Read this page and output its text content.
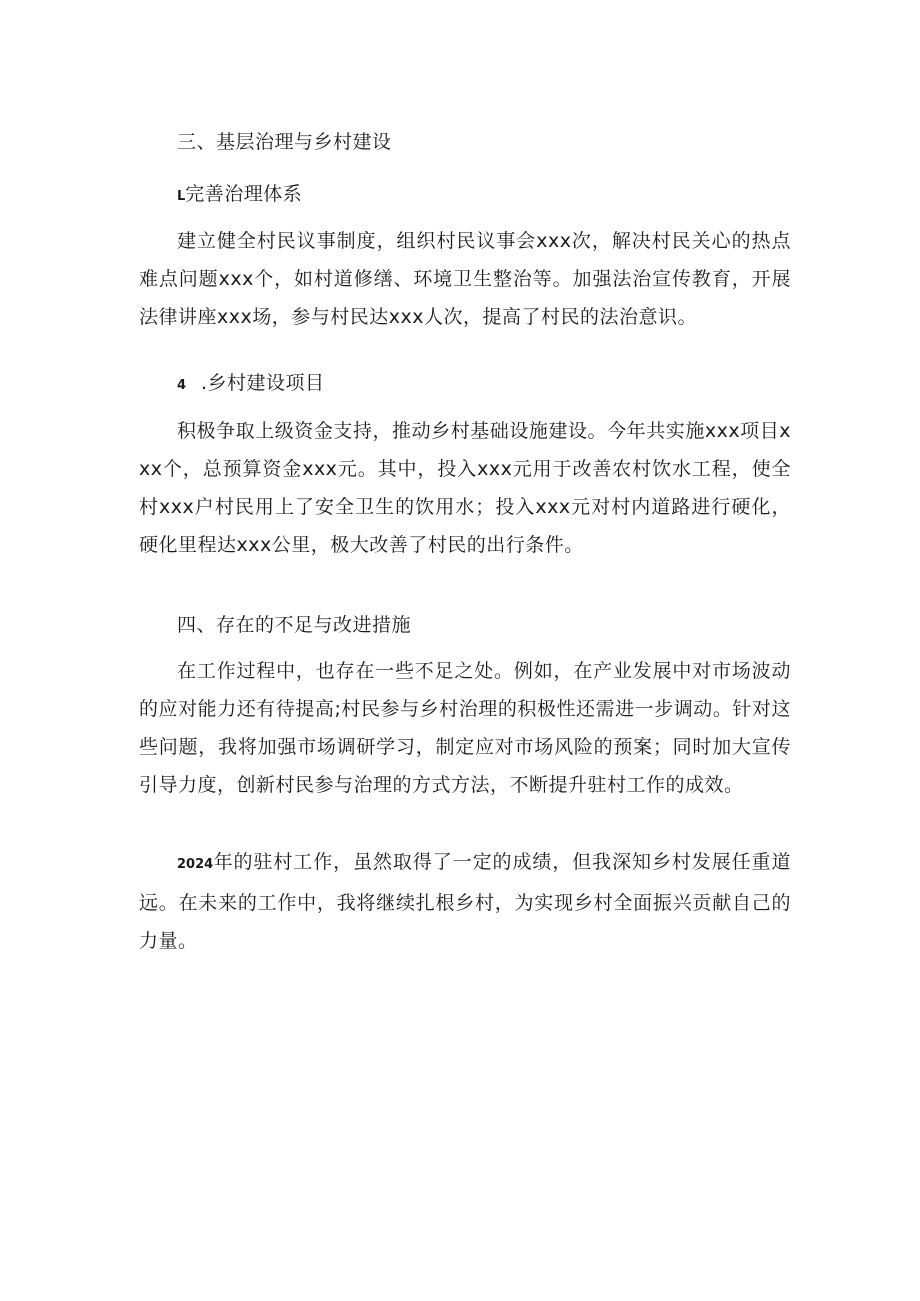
三、基层治理与乡村建设
L完善治理体系
建立健全村民议事制度，组织村民议事会xxx次，解决村民关心的热点难点问题xxx个，如村道修缮、环境卫生整治等。加强法治宣传教育，开展法律讲座xxx场，参与村民达xxx人次，提高了村民的法治意识。
4 .乡村建设项目
积极争取上级资金支持，推动乡村基础设施建设。今年共实施xxx项目xxx个，总预算资金xxx元。其中，投入xxx元用于改善农村饮水工程，使全村xxx户村民用上了安全卫生的饮用水；投入xxx元对村内道路进行硬化，硬化里程达xxx公里，极大改善了村民的出行条件。
四、存在的不足与改进措施
在工作过程中，也存在一些不足之处。例如，在产业发展中对市场波动的应对能力还有待提高;村民参与乡村治理的积极性还需进一步调动。针对这些问题，我将加强市场调研学习，制定应对市场风险的预案；同时加大宣传引导力度，创新村民参与治理的方式方法，不断提升驻村工作的成效。
2024年的驻村工作，虽然取得了一定的成绩，但我深知乡村发展任重道远。在未来的工作中，我将继续扎根乡村，为实现乡村全面振兴贡献自己的力量。
